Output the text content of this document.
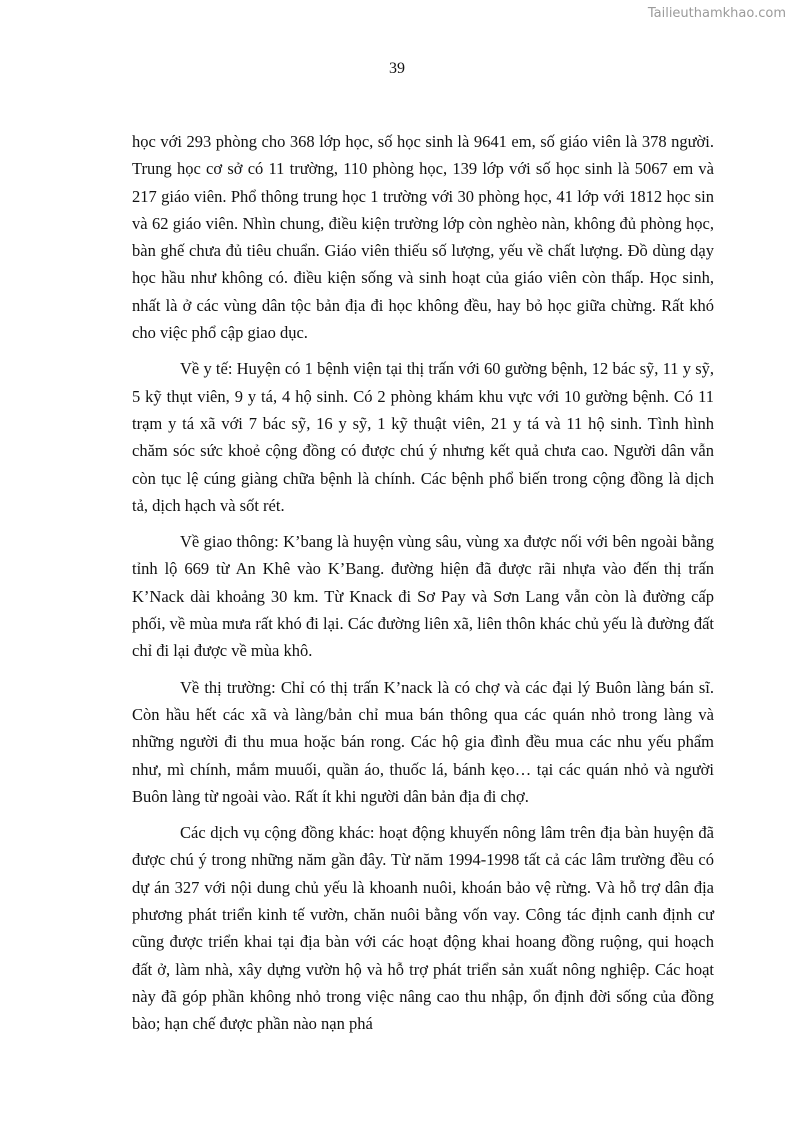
Tailieuthamkhao.com
39

học với 293 phòng cho 368 lớp học, số học sinh là 9641 em, số giáo viên là 378 người. Trung học cơ sở có 11 trường, 110 phòng học, 139 lớp với số học sinh là 5067 em và 217 giáo viên. Phổ thông trung học 1 trường với 30 phòng học, 41 lớp với 1812 học sin và 62 giáo viên. Nhìn chung, điều kiện trường lớp còn nghèo nàn, không đủ phòng học, bàn ghế chưa đủ tiêu chuẩn. Giáo viên thiếu số lượng, yếu về chất lượng. Đồ dùng dạy học hầu như không có. điều kiện sống và sinh hoạt của giáo viên còn thấp. Học sinh, nhất là ở các vùng dân tộc bản địa đi học không đều, hay bỏ học giữa chừng. Rất khó cho việc phổ cập giao dục.

Về y tế: Huyện có 1 bệnh viện tại thị trấn với 60 gường bệnh, 12 bác sỹ, 11 y sỹ, 5 kỹ thụt viên, 9 y tá, 4 hộ sinh. Có 2 phòng khám khu vực với 10 gường bệnh. Có 11 trạm y tá xã với 7 bác sỹ, 16 y sỹ, 1 kỹ thuật viên, 21 y tá và 11 hộ sinh. Tình hình chăm sóc sức khoẻ cộng đồng có được chú ý nhưng kết quả chưa cao. Người dân vẫn còn tục lệ cúng giàng chữa bệnh là chính. Các bệnh phổ biến trong cộng đồng là dịch tả, dịch hạch và sốt rét.

Về giao thông: K’bang là huyện vùng sâu, vùng xa được nối với bên ngoài bằng tỉnh lộ 669 từ An Khê vào K’Bang. đường hiện đã được rãi nhựa vào đến thị trấn K’Nack dài khoảng 30 km. Từ Knack đi Sơ Pay và Sơn Lang vẫn còn là đường cấp phối, về mùa mưa rất khó đi lại. Các đường liên xã, liên thôn khác chủ yếu là đường đất chỉ đi lại được về mùa khô.

Về thị trường: Chỉ có thị trấn K’nack là có chợ và các đại lý Buôn làng bán sĩ. Còn hầu hết các xã và làng/bản chỉ mua bán thông qua các quán nhỏ trong làng và những người đi thu mua hoặc bán rong. Các hộ gia đình đều mua các nhu yếu phẩm như, mì chính, mắm muuối, quần áo, thuốc lá, bánh kẹo… tại các quán nhỏ và người Buôn làng từ ngoài vào. Rất ít khi người dân bản địa đi chợ.

Các dịch vụ cộng đồng khác: hoạt động khuyến nông lâm trên địa bàn huyện đã được chú ý trong những năm gần đây. Từ năm 1994-1998 tất cả các lâm trường đều có dự án 327 với nội dung chủ yếu là khoanh nuôi, khoán bảo vệ rừng. Và hỗ trợ dân địa phương phát triển kinh tế vườn, chăn nuôi bằng vốn vay. Công tác định canh định cư cũng được triển khai tại địa bàn với các hoạt động khai hoang đồng ruộng, qui hoạch đất ở, làm nhà, xây dựng vườn hộ và hỗ trợ phát triển sản xuất nông nghiệp. Các hoạt này đã góp phần không nhỏ trong việc nâng cao thu nhập, ổn định đời sống của đồng bào; hạn chế được phần nào nạn phá
